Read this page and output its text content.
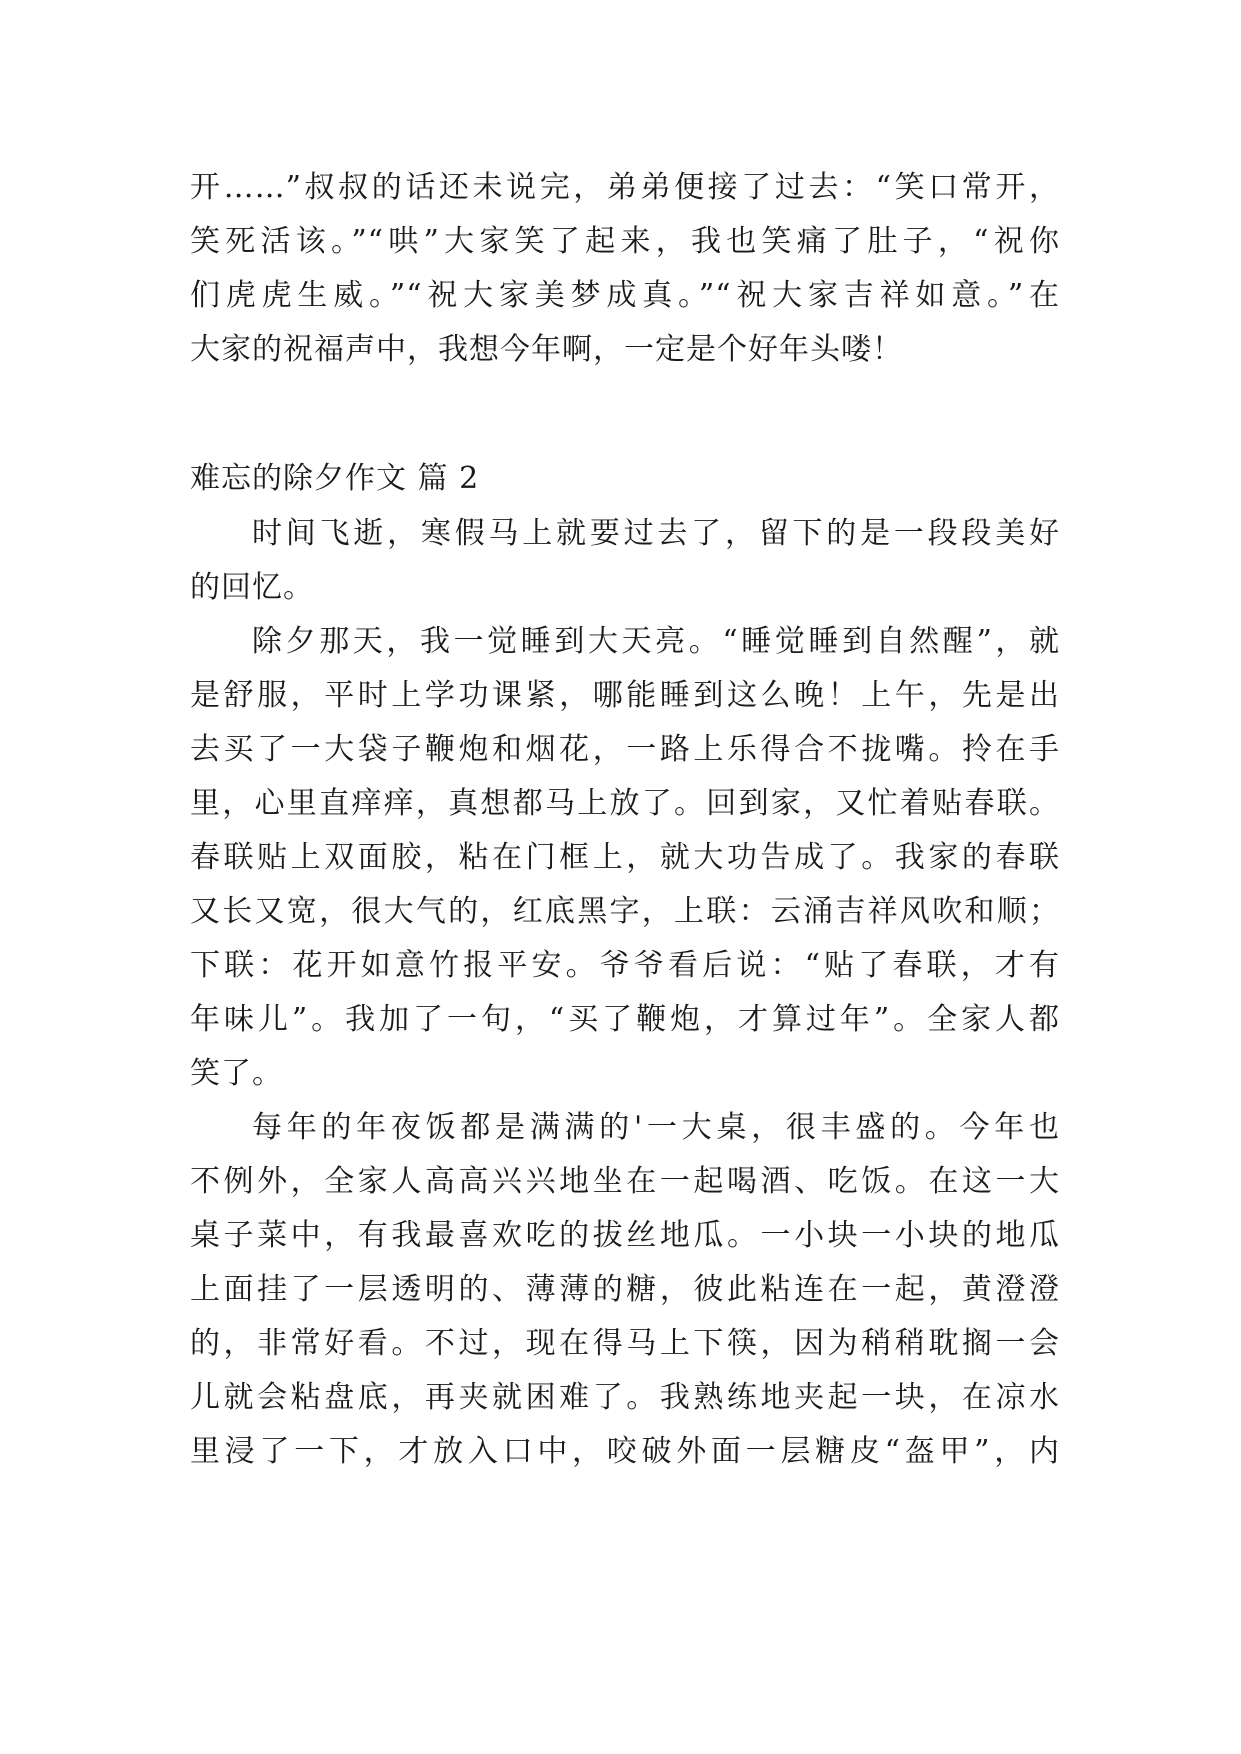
开……”叔叔的话还未说完，弟弟便接了过去：“笑口常开，
笑死活该。”“哄”大家笑了起来，我也笑痛了肚子，“祝你
们虎虎生威。”“祝大家美梦成真。”“祝大家吉祥如意。”在
大家的祝福声中，我想今年啊，一定是个好年头喽！
难忘的除夕作文 篇 2
时间飞逝，寒假马上就要过去了，留下的是一段段美好
的回忆。
除夕那天，我一觉睡到大天亮。“睡觉睡到自然醒”，就
是舒服，平时上学功课紧，哪能睡到这么晚！上午，先是出
去买了一大袋子鞭炮和烟花，一路上乐得合不拢嘴。拎在手
里，心里直痒痒，真想都马上放了。回到家，又忙着贴春联。
春联贴上双面胶，粘在门框上，就大功告成了。我家的春联
又长又宽，很大气的，红底黑字，上联：云涌吉祥风吹和顺；
下联：花开如意竹报平安。爷爷看后说：“贴了春联，才有
年味儿”。我加了一句，“买了鞭炮，才算过年”。全家人都
笑了。
每年的年夜饭都是满满的'一大桌，很丰盛的。今年也
不例外，全家人高高兴兴地坐在一起喝酒、吃饭。在这一大
桌子菜中，有我最喜欢吃的拔丝地瓜。一小块一小块的地瓜
上面挂了一层透明的、薄薄的糖，彼此粘连在一起，黄澄澄
的，非常好看。不过，现在得马上下筷，因为稍稍耽搁一会
儿就会粘盘底，再夹就困难了。我熟练地夹起一块，在凉水
里浸了一下，才放入口中，咬破外面一层糖皮“盔甲”，内
